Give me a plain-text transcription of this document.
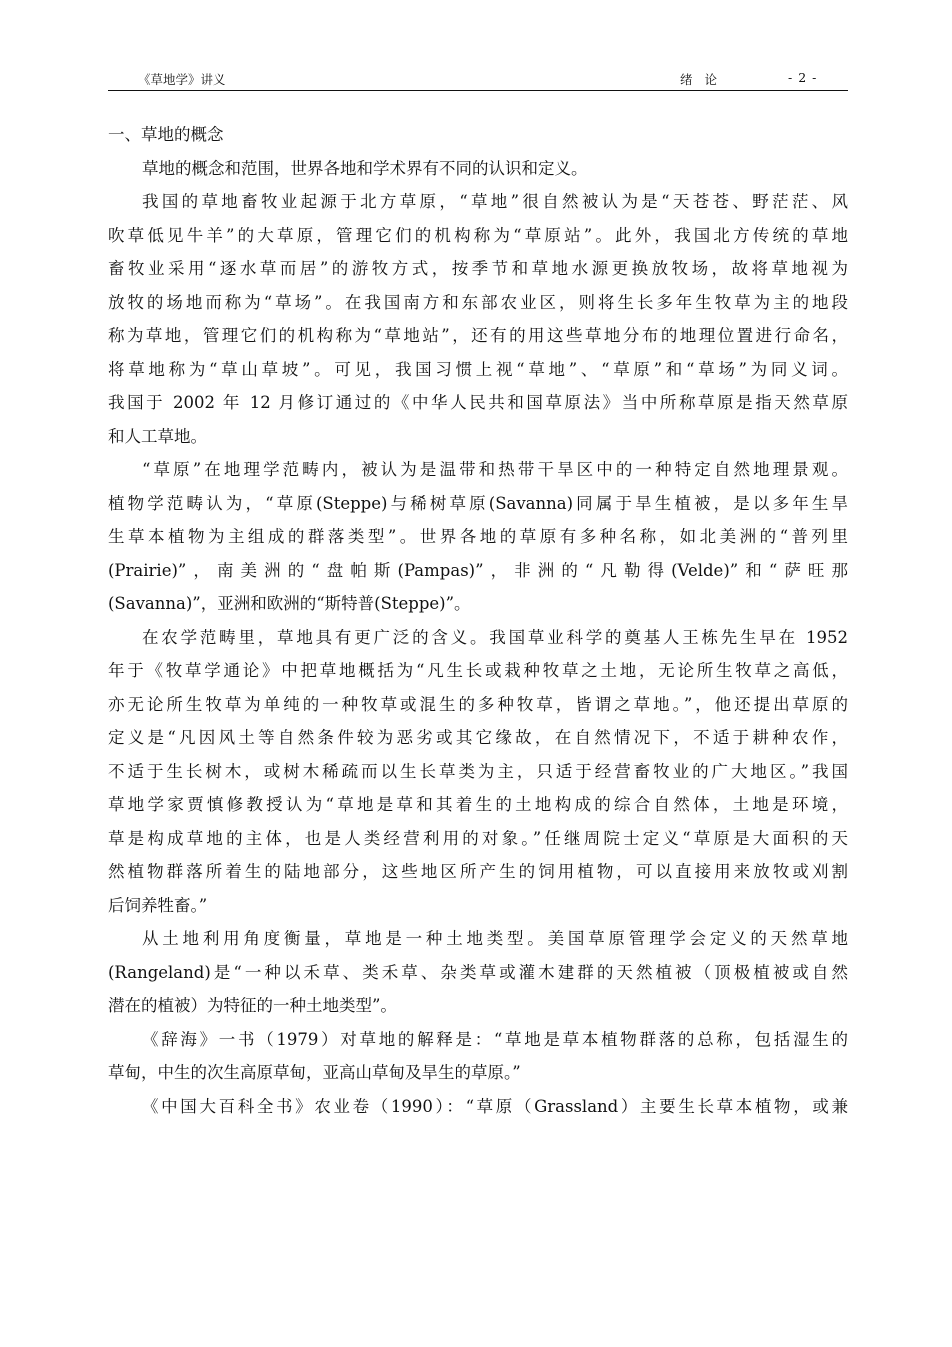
《草地学》讲义	绪论	- 2 -
一、草地的概念
草地的概念和范围，世界各地和学术界有不同的认识和定义。
我国的草地畜牧业起源于北方草原，“草地”很自然被认为是“天苍苍、野茫茫、风
吹草低见牛羊”的大草原，管理它们的机构称为“草原站”。此外，我国北方传统的草地
畜牧业采用“逐水草而居”的游牧方式，按季节和草地水源更换放牧场，故将草地视为
放牧的场地而称为“草场”。在我国南方和东部农业区，则将生长多年生牧草为主的地段
称为草地，管理它们的机构称为“草地站”，还有的用这些草地分布的地理位置进行命名，
将草地称为“草山草坡”。可见，我国习惯上视“草地”、“草原”和“草场”为同义词。
我国于 2002 年 12 月修订通过的《中华人民共和国草原法》当中所称草原是指天然草原
和人工草地。
“草原”在地理学范畴内，被认为是温带和热带干旱区中的一种特定自然地理景观。
植物学范畴认为，“草原(Steppe)与稀树草原(Savanna)同属于旱生植被，是以多年生旱
生草本植物为主组成的群落类型”。世界各地的草原有多种名称，如北美洲的“普列里
(Prairie)”，南美洲的“盘帕斯(Pampas)”，非洲的“凡勒得(Velde)”和“萨旺那
(Savanna)”，亚洲和欧洲的“斯特普(Steppe)”。
在农学范畴里，草地具有更广泛的含义。我国草业科学的奠基人王栋先生早在 1952
年于《牧草学通论》中把草地概括为“凡生长或栽种牧草之土地，无论所生牧草之高低，
亦无论所生牧草为单纯的一种牧草或混生的多种牧草，皆谓之草地。”，他还提出草原的
定义是“凡因风土等自然条件较为恶劣或其它缘故，在自然情况下，不适于耕种农作，
不适于生长树木，或树木稀疏而以生长草类为主，只适于经营畜牧业的广大地区。”我国
草地学家贾慎修教授认为“草地是草和其着生的土地构成的综合自然体，土地是环境，
草是构成草地的主体，也是人类经营利用的对象。”任继周院士定义“草原是大面积的天
然植物群落所着生的陆地部分，这些地区所产生的饲用植物，可以直接用来放牧或刈割
后饲养牲畜。”
从土地利用角度衡量，草地是一种土地类型。美国草原管理学会定义的天然草地
(Rangeland)是“一种以禾草、类禾草、杂类草或灌木建群的天然植被（顶极植被或自然
潜在的植被）为特征的一种土地类型”。
《辞海》一书（1979）对草地的解释是：“草地是草本植物群落的总称，包括湿生的
草甸，中生的次生高原草甸，亚高山草甸及旱生的草原。”
《中国大百科全书》农业卷（1990）：“草原（Grassland）主要生长草本植物，或兼
